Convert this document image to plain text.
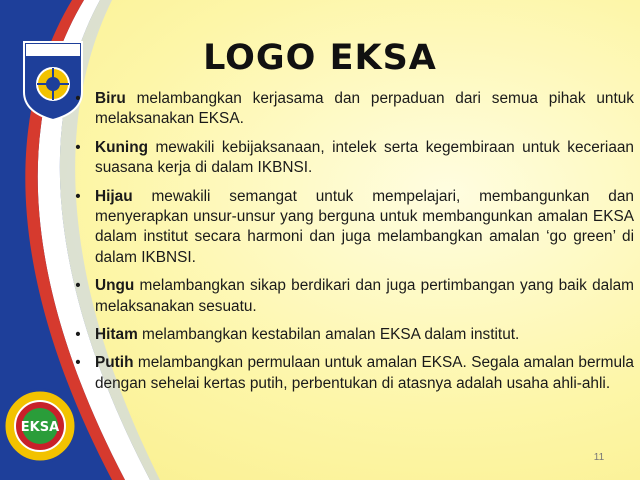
EKSA
LOGO EKSA
• Biru melambangkan kerjasama dan perpaduan dari semua pihak untuk melaksanakan EKSA.
• Kuning mewakili kebijaksanaan, intelek serta kegembiraan untuk keceriaan suasana kerja di dalam IKBNSI.
• Hijau mewakili semangat untuk mempelajari, membangunkan dan menyerapkan unsur-unsur yang berguna untuk membangunkan amalan EKSA dalam institut secara harmoni dan juga melambangkan amalan ‘go green’ di dalam IKBNSI.
• Ungu melambangkan sikap berdikari dan juga pertimbangan yang baik dalam melaksanakan sesuatu.
• Hitam melambangkan kestabilan amalan EKSA dalam institut.
• Putih melambangkan permulaan untuk amalan EKSA. Segala amalan bermula dengan sehelai kertas putih, perbentukan di atasnya adalah usaha ahli-ahli.
11
